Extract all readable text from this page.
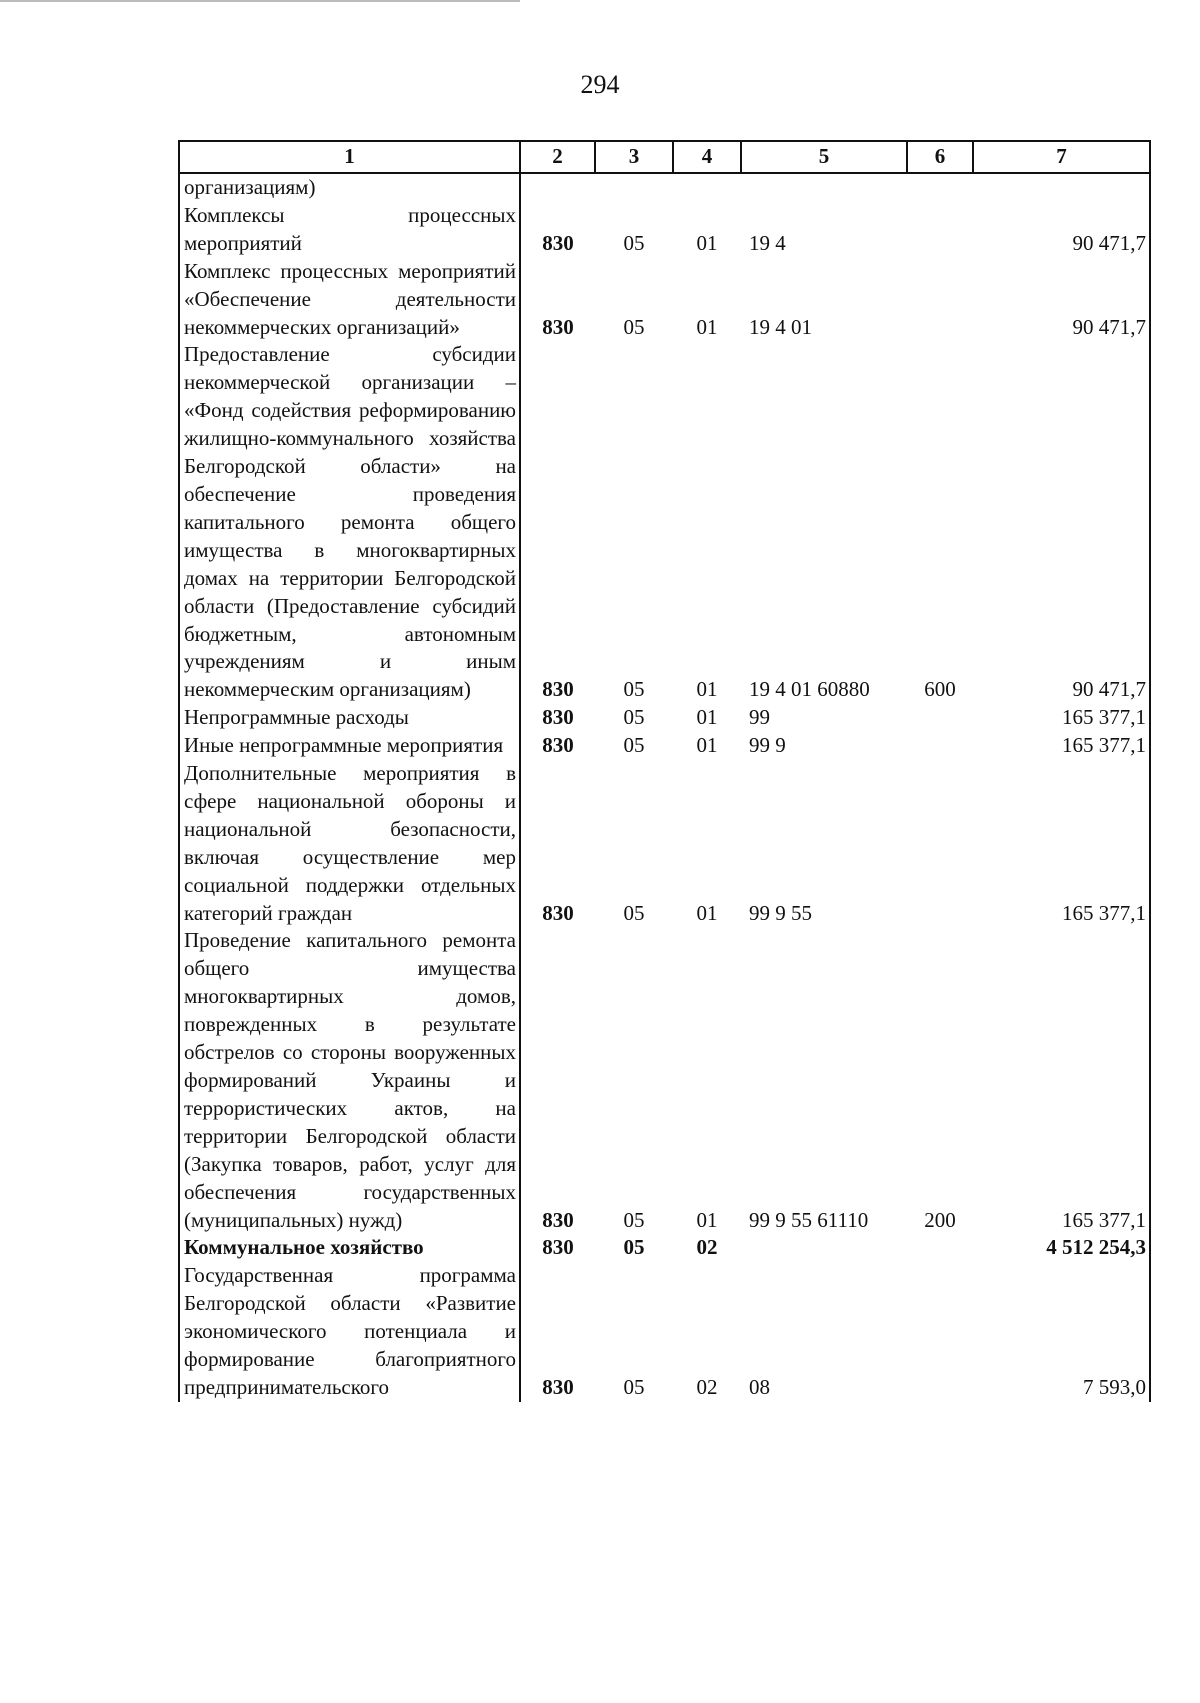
294
1	2	3	4	5	6	7
организациям)						
Комплексы процессных мероприятий	830	05	01	19 4		90 471,7
Комплекс процессных мероприятий «Обеспечение деятельности некоммерческих организаций»	830	05	01	19 4 01		90 471,7
Предоставление субсидии некоммерческой организации – «Фонд содействия реформированию жилищно-коммунального хозяйства Белгородской области» на обеспечение проведения капитального ремонта общего имущества в многоквартирных домах на территории Белгородской области (Предоставление субсидий бюджетным, автономным учреждениям и иным некоммерческим организациям)	830	05	01	19 4 01 60880	600	90 471,7
Непрограммные расходы	830	05	01	99		165 377,1
Иные непрограммные мероприятия	830	05	01	99 9		165 377,1
Дополнительные мероприятия в сфере национальной обороны и национальной безопасности, включая осуществление мер социальной поддержки отдельных категорий граждан	830	05	01	99 9 55		165 377,1
Проведение капитального ремонта общего имущества многоквартирных домов, поврежденных в результате обстрелов со стороны вооруженных формирований Украины и террористических актов, на территории Белгородской области (Закупка товаров, работ, услуг для обеспечения государственных (муниципальных) нужд)	830	05	01	99 9 55 61110	200	165 377,1
Коммунальное хозяйство	830	05	02			4 512 254,3
Государственная программа Белгородской области «Развитие экономического потенциала и формирование благоприятного предпринимательского	830	05	02	08		7 593,0
